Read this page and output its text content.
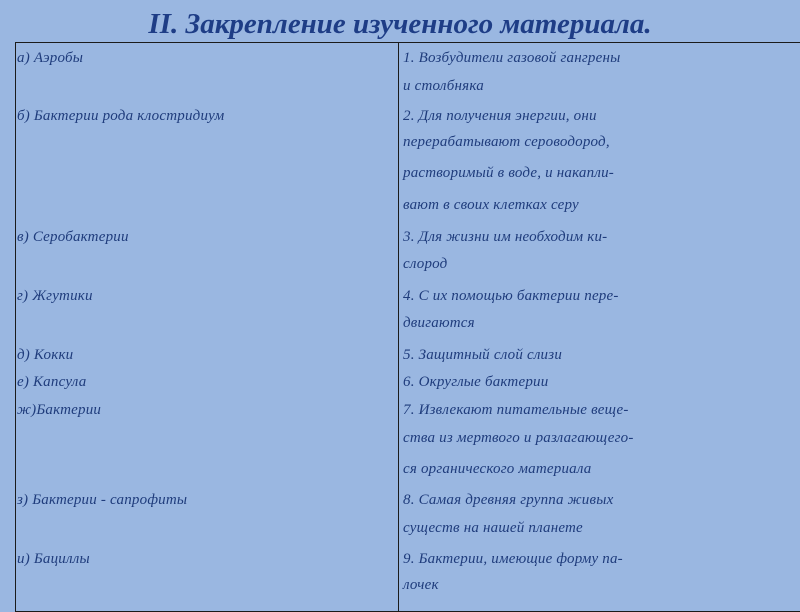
II. Закрепление изученного материала.
а) Аэробы
б) Бактерии рода клостридиум
в) Серобактерии
г) Жгутики
д) Кокки
е) Капсула
ж)Бактерии
з) Бактерии - сапрофиты
и) Бациллы
1. Возбудители газовой гангрены
и столбняка
2. Для получения энергии, они
перерабатывают сероводород,
растворимый в воде, и накапли-
вают в своих клетках серу
3. Для жизни им необходим ки-
слород
4. С их помощью бактерии пере-
двигаются
5. Защитный слой слизи
6. Округлые бактерии
7. Извлекают питательные веще-
ства из мертвого и разлагающего-
ся органического материала
8. Самая древняя группа живых
существ на нашей планете
9. Бактерии, имеющие форму па-
лочек
